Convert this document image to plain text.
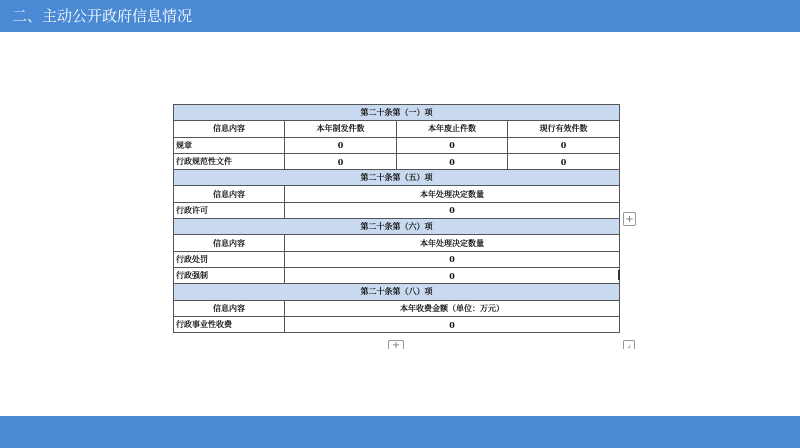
二、主动公开政府信息情况
第二十条第（一）项			
信息内容	本年制发件数	本年废止件数	现行有效件数
规章	0	0	0
行政规范性文件	0	0	0
第二十条第（五）项			
信息内容	本年处理决定数量		
行政许可	0		
第二十条第（六）项			
信息内容	本年处理决定数量		
行政处罚	0		
行政强制	0		
第二十条第（八）项			
信息内容	本年收费金额（单位：万元）		
行政事业性收费	0		
+
+	⌟
